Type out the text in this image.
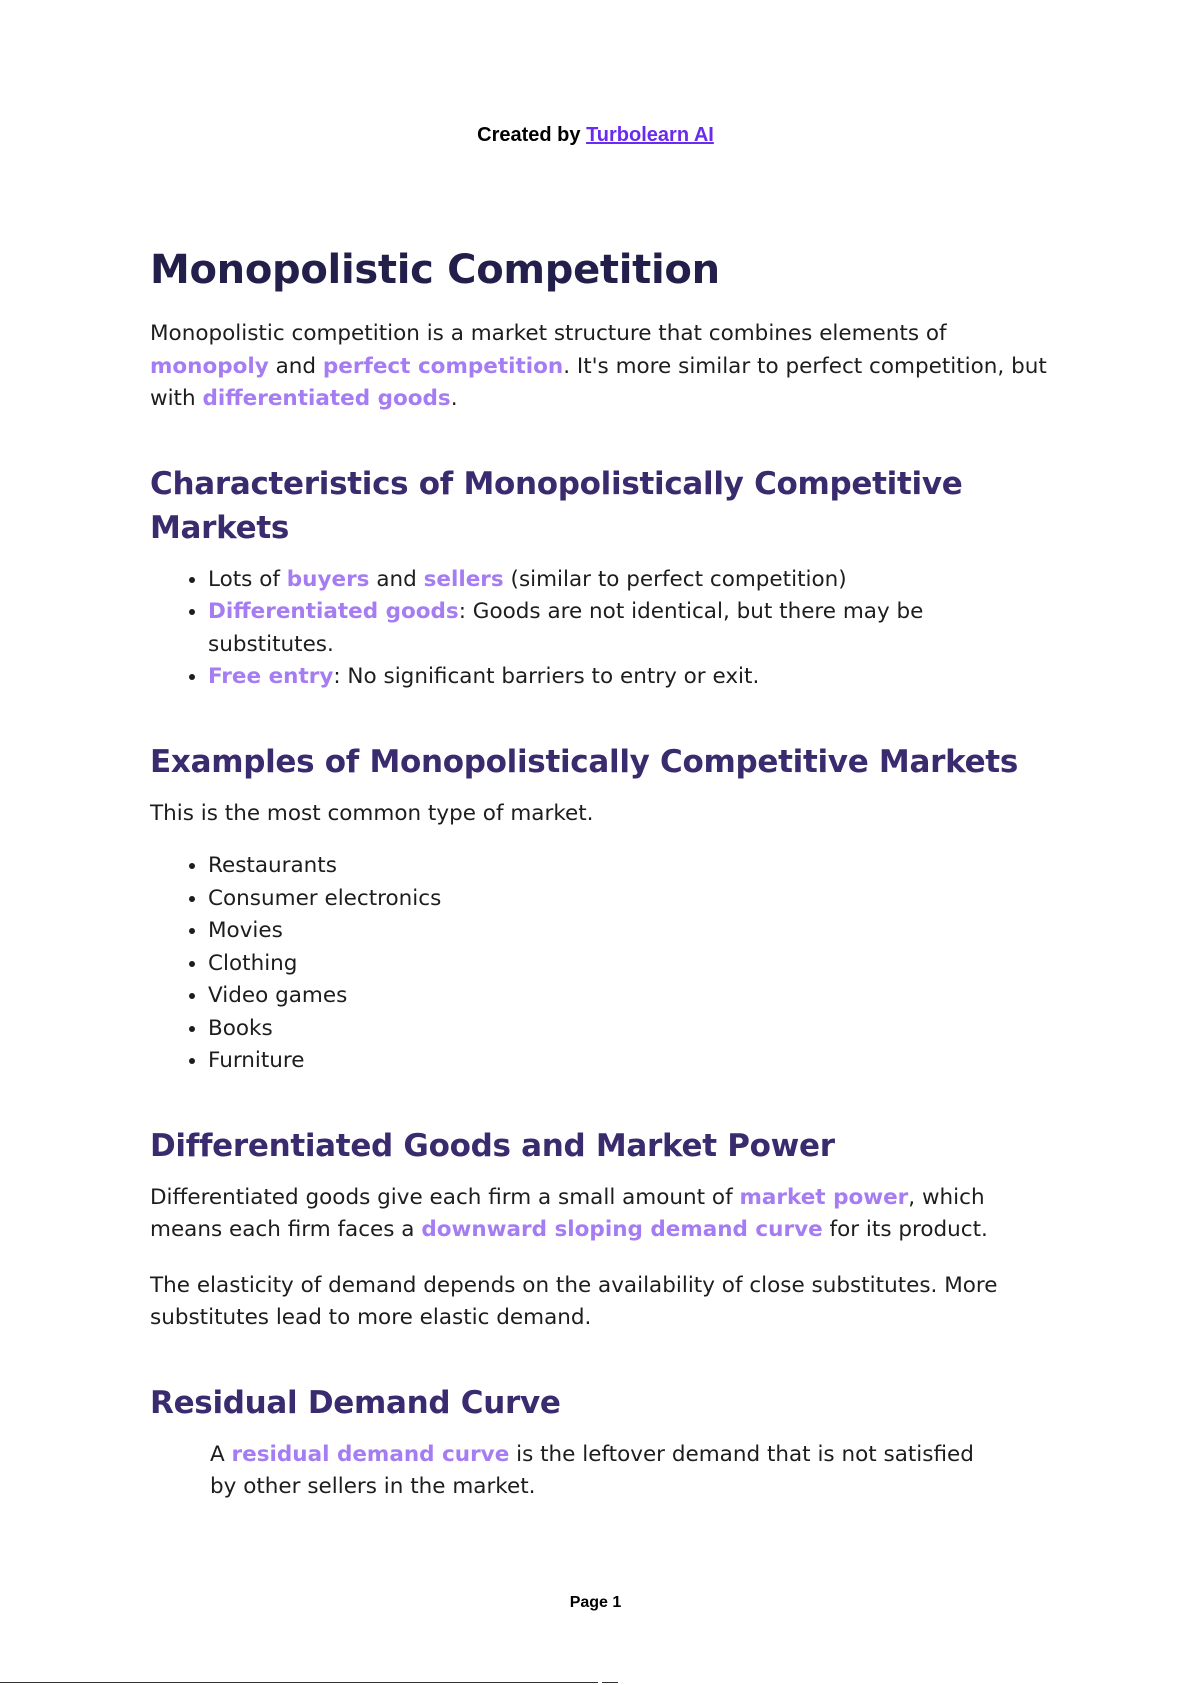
Created by Turbolearn AI
Monopolistic Competition

Monopolistic competition is a market structure that combines elements of monopoly and perfect competition. It's more similar to perfect competition, but with differentiated goods.

Characteristics of Monopolistically Competitive Markets
• Lots of buyers and sellers (similar to perfect competition)
• Differentiated goods: Goods are not identical, but there may be substitutes.
• Free entry: No significant barriers to entry or exit.
Examples of Monopolistically Competitive Markets

This is the most common type of market.

• Restaurants
• Consumer electronics
• Movies
• Clothing
• Video games
• Books
• Furniture
Differentiated Goods and Market Power

Differentiated goods give each firm a small amount of market power, which means each firm faces a downward sloping demand curve for its product.

The elasticity of demand depends on the availability of close substitutes. More substitutes lead to more elastic demand.

Residual Demand Curve

A residual demand curve is the leftover demand that is not satisfied by other sellers in the market.

Page 1
